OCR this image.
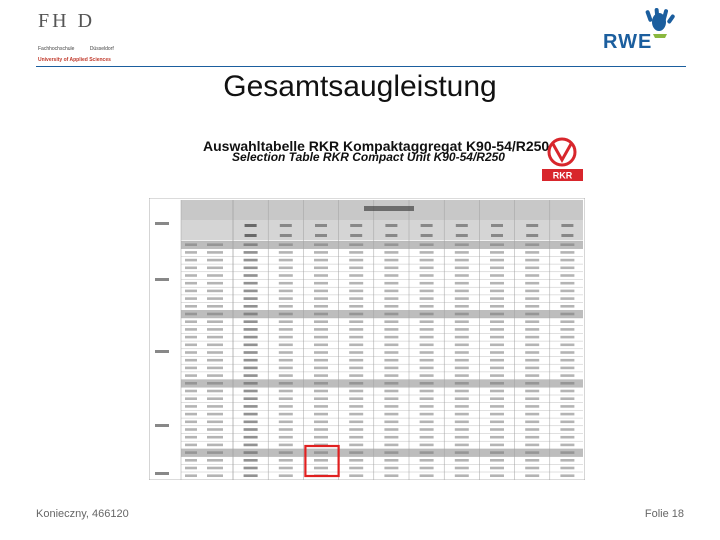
FH D
Fachhochschule	Düsseldorf
University of Applied Sciences
RWE
Gesamtsaugleistung
Auswahltabelle RKR Kompaktaggregat K90-54/R250
Selection Table RKR Compact Unit K90-54/R250
RKR
Konieczny, 466120	Folie 18
